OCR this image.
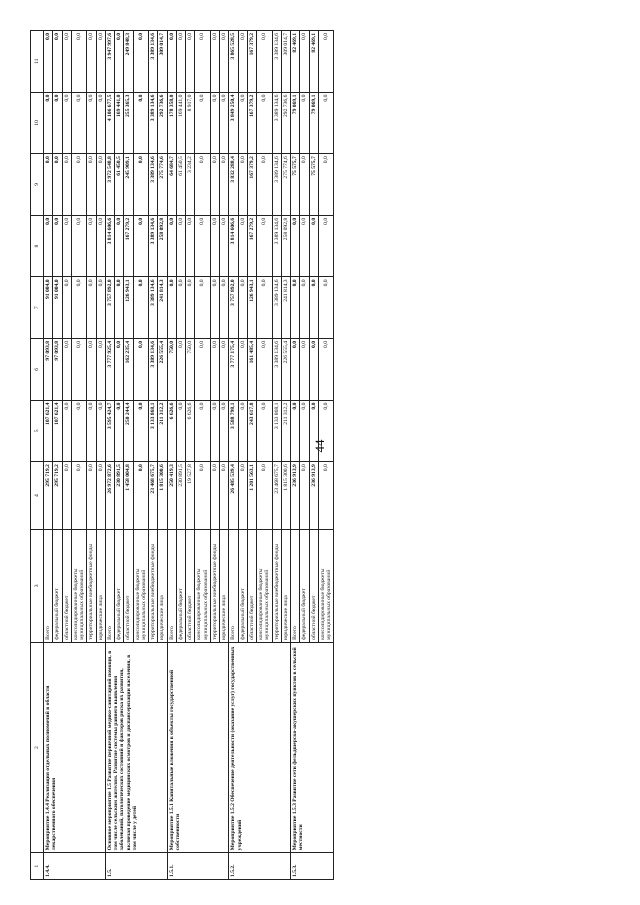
44
1	2	3	4	5	6	7	8	9	10	11
1.4.4.	Мероприятие 1.4.4 Реализация отдельных полномочий в области лекарственного обеспечения	Всего	295 719,2	107 621,4	97 093,8	91 004,0	0,0	0,0	0,0	0,0
		федеральный бюджет	295 719,2	107 621,4	97 093,8	91 004,0	0,0	0,0	0,0	0,0
		областной бюджет	0,0	0,0	0,0	0,0	0,0	0,0	0,0	0,0
		консолидированные бюджеты муниципальных образований	0,0	0,0	0,0	0,0	0,0	0,0	0,0	0,0
		территориальные внебюджетные фонды	0,0	0,0	0,0	0,0	0,0	0,0	0,0	0,0
		юридические лица	0,0	0,0	0,0	0,0	0,0	0,0	0,0	0,0
1.5.	Основное мероприятие 1.5 Развитие первичной медико-санитарной помощи, в том числе сельским жителям. Развитие системы раннего выявления заболеваний, патологических состояний и факторов риска их развития, включая проведение медицинских осмотров и диспансеризации населения, в том числе у детей	Всего	26 972 872,6	3 595 424,7	3 777 925,4	3 757 892,0	3 814 606,6	3 972 548,8	4 106 677,5	3 947 997,6
		федеральный бюджет	230 891,5	0,0	0,0	0,0	0,0	61 450,5	169 441,0	0,0
		областной бюджет	1 458 004,8	250 244,4	162 235,4	126 943,1	167 279,2	245 909,1	255 365,3	249 848,3
		консолидированные бюджеты муниципальных образований	0,0	0,0	0,0	0,0	0,0	0,0	0,0	0,0
		территориальные внебюджетные фонды	23 468 675,7	3 133 868,1	3 389 134,6	3 389 134,6	3 389 134,6	3 389 134,6	3 389 134,6	3 389 134,6
		юридические лица	1 815 300,6	211 312,2	226 555,4	241 814,3	258 092,8	275 774,6	292 736,6	309 014,7
1.5.1.	Мероприятие 1.5.1 Капитальные вложения в объекты государственной собственности	Всего	250 419,3	6 626,6	750,0	0,0	0,0	64 684,7	178 358,0	0,0
		федеральный бюджет	230 891,5	0,0	0,0	0,0	0,0	61 450,5	169 441,0	0,0
		областной бюджет	19 527,8	6 626,6	750,0	0,0	0,0	3 234,2	8 917,0	0,0
		консолидированные бюджеты муниципальных образований	0,0	0,0	0,0	0,0	0,0	0,0	0,0	0,0
		территориальные внебюджетные фонды	0,0	0,0	0,0	0,0	0,0	0,0	0,0	0,0
		юридические лица	0,0	0,0	0,0	0,0	0,0	0,0	0,0	0,0
1.5.2.	Мероприятие 1.5.2 Обеспечение деятельности (оказание услуг) государственных учреждений	Всего	26 485 539,4	3 588 798,1	3 777 175,4	3 757 892,0	3 814 606,6	3 832 288,4	3 849 250,4	3 865 528,5
		федеральный бюджет	0,0	0,0	0,0	0,0	0,0	0,0	0,0	0,0
		областной бюджет	1 201 563,1	243 617,8	161 485,4	126 943,1	167 279,2	167 379,2	167 379,2	167 379,2
		консолидированные бюджеты муниципальных образований	0,0	0,0	0,0	0,0	0,0	0,0	0,0	0,0
		территориальные внебюджетные фонды	23 468 675,7	3 133 868,1	3 389 134,6	3 389 134,6	3 389 134,6	3 389 134,6	3 389 134,6	3 389 134,6
		юридические лица	1 815 300,6	211 312,2	226 555,4	241 814,3	258 092,8	275 774,6	292 736,6	309 014,7
1.5.3.	Мероприятие 1.5.3 Развитие сети фельдшерско-акушерских пунктов в сельской местности	Всего	236 913,9	0,0	0,0	0,0	0,0	75 575,7	79 069,1	82 469,1
		федеральный бюджет	0,0	0,0	0,0	0,0	0,0	0,0	0,0	0,0
		областной бюджет	236 913,9	0,0	0,0	0,0	0,0	75 575,7	79 069,1	82 469,1
		консолидированные бюджеты муниципальных образований	0,0	0,0	0,0	0,0	0,0	0,0	0,0	0,0
